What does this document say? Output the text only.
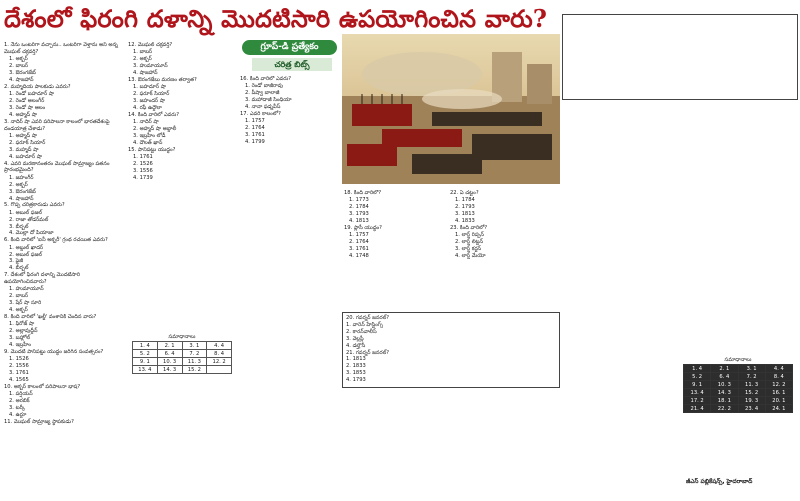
దేశంలో ఫిరంగి దళాన్ని మొదటిసారి ఉపయోగించిన వారు?
గ్రూప్‌-డి ప్రత్యేకం
చరిత్ర బిట్స్‌
1. నేను ఒంటరిగా వచ్చాను.. ఒంటరిగా వెళ్తాను అని అన్న మొఘల్‌ చక్రవర్తి?
1. అక్బర్‌
2. బాబర్‌
3. ఔరంగజేబ్‌
4. షాజహాన్‌
2. మహ్మదియ పాలకుడు ఎవరు?
1. రెండో బహదూర్‌ షా
2. రెండో అలంగీర్‌
3. రెండో షా ఆలం
4. అహ్మద్‌ షా
3. నాదిర్‌ షా ఎవరి పరిపాలనా కాలంలో భారతదేశంపై దండయాత్ర చేశాడు?
1. అహ్మద్‌ షా
2. ఫరూక్‌ సియార్‌
3. మహ్మద్‌ షా
4. బహదూర్‌ షా
4. ఎవరి మరణానంతరం మొఘల్‌ సామ్రాజ్యం పతనం ప్రారంభమైంది?
1. జహంగీర్‌
2. అక్బర్‌
3. ఔరంగజేబ్‌
4. షాజహాన్‌
5. గొప్ప చరిత్రకారుడు ఎవరు?
1. అబుల్‌ ఫజల్‌
2. రాజా తోడర్‌మల్‌
3. బీర్బల్‌
4. మొల్లా దో పియాజా
6. కింది వారిలో 'ఐనీ అక్బరీ' గ్రంథ రచయిత ఎవరు?
1. అబ్దుల్‌ ఖాదర్‌
2. అబుల్‌ ఫజల్‌
3. ఫైజీ
4. బీర్బల్‌
7. దేశంలో ఫిరంగి దళాన్ని మొదటిసారి ఉపయోగించినవారు?
1. హుమాయూన్‌
2. బాబర్‌
3. షేర్‌ షా సూరి
4. అక్బర్‌
8. కింది వారిలో 'ఖల్జీ' వంశానికి చెందిన వారు?
1. ఫిరోజ్‌ షా
2. అల్లావుద్దీన్‌
3. బహ్లోల్‌
4. ఇబ్రహీం
9. మొదటి పానిపట్టు యుద్ధం జరిగిన సంవత్సరం?
1. 1526
2. 1556
3. 1761
4. 1565
10. అక్బర్‌ కాలంలో పరిపాలనా భాష?
1. పర్షియన్‌
2. అరబిక్‌
3. టర్కీ
4. ఉర్దూ
11. మొఘల్‌ సామ్రాజ్య స్థాపకుడు?
12. మొఘల్‌ చక్రవర్తి?
1. బాబర్‌
2. అక్బర్‌
3. హుమాయూన్‌
4. షాజహాన్‌
13. ఔరంగజేబు మరణం తర్వాత?
1. బహదూర్‌ షా
2. ఫరూక్‌ సియార్‌
3. జహందర్‌ షా
4. రఫీ ఉద్దౌలా
14. కింది వారిలో ఎవరు?
1. నాదిర్‌ షా
2. అహ్మద్‌ షా అబ్దాలీ
3. ఇబ్రహీం లోడీ
4. దౌలత్‌ ఖాన్‌
15. పానిపట్టు యుద్ధం?
1. 1761
2. 1526
3. 1556
4. 1739
సమాధానాలు
1. 4	2. 1	3. 1	4. 4
5. 2	6. 4	7. 2	8. 4
9. 1	10. 3	11. 3	12. 2
13. 4	14. 3	15. 2	
16. కింది వారిలో ఎవరు?
1. రెండో బాజీరావు
2. పీష్వా బాలాజీ
3. మహాదాజీ సింధియా
4. నానా ఫడ్నవీస్‌
17. ఎవరి కాలంలో?
1. 1757
2. 1764
3. 1761
4. 1799
18. కింది వారిలో?
1. 1773
2. 1784
3. 1793
4. 1813
19. ప్లాసీ యుద్ధం?
1. 1757
2. 1764
3. 1761
4. 1748
20. గవర్నర్‌ జనరల్‌?
1. వారెన్‌ హేస్టింగ్స్‌
2. కారన్‌వాలీస్‌
3. వెల్లస్లీ
4. డల్హౌసీ
21. గవర్నర్‌ జనరల్‌?
1. 1813
2. 1833
3. 1853
4. 1793
22. ఏ చట్టం?
1. 1784
2. 1793
3. 1813
4. 1833
23. కింది వారిలో?
1. లార్డ్‌ రిప్పన్‌
2. లార్డ్‌ లిట్టన్‌
3. లార్డ్‌ కర్జన్‌
4. లార్డ్‌ మేయో
సమాధానాలు
1. 4	2. 1	3. 1	4. 4
5. 2	6. 4	7. 2	8. 4
9. 1	10. 3	11. 3	12. 2
13. 4	14. 3	15. 2	16. 1
17. 2	18. 1	19. 3	20. 1
21. 4	22. 2	23. 4	24. 1
జీఎస్‌ పబ్లికేషన్స్‌, హైదరాబాద్‌
